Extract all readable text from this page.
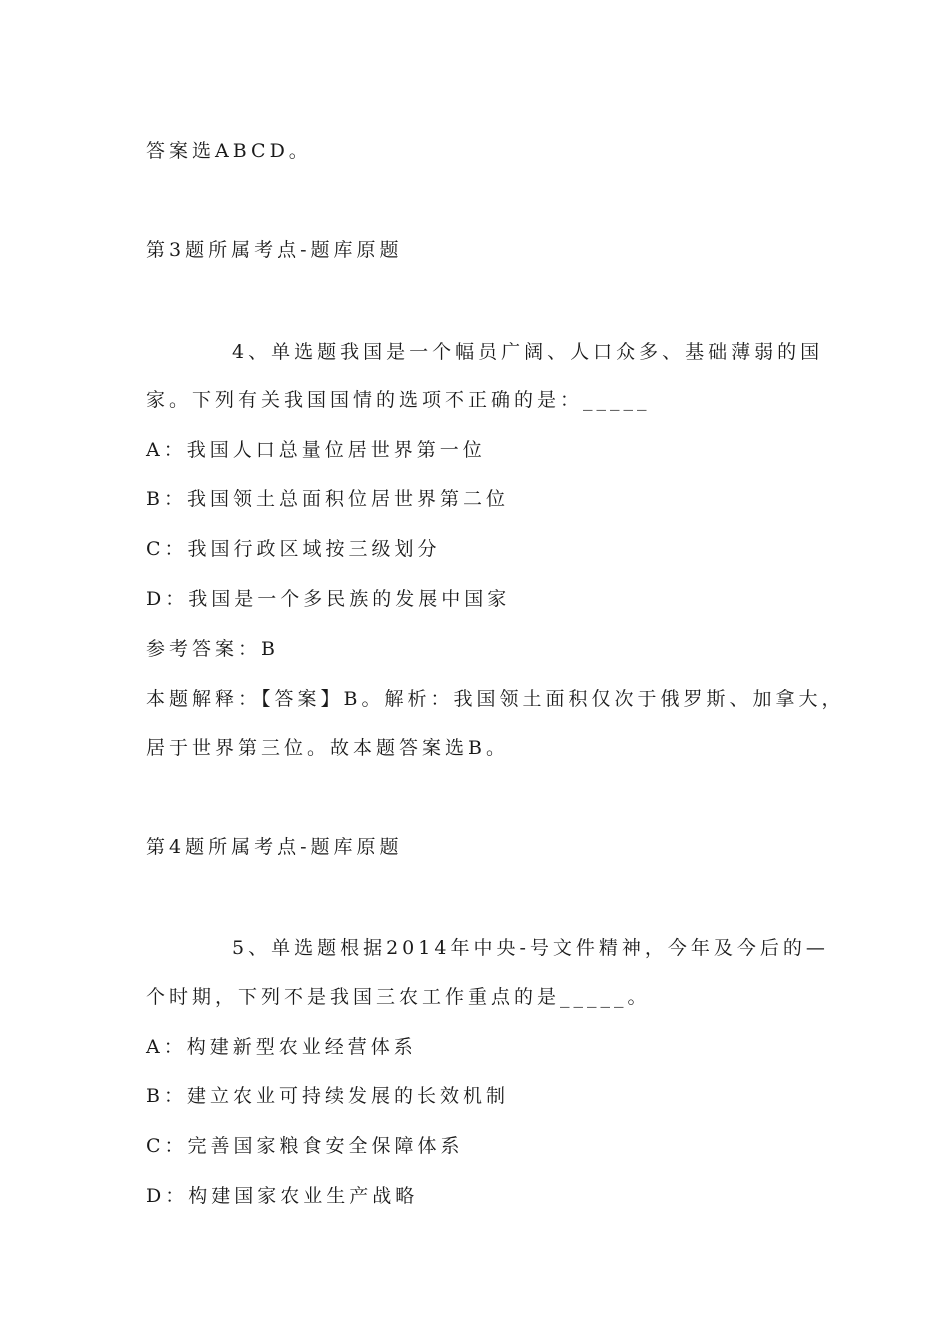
答案选ABCD。
第3题所属考点-题库原题
4、单选题我国是一个幅员广阔、人口众多、基础薄弱的国
家。下列有关我国国情的选项不正确的是：_____
A：我国人口总量位居世界第一位
B：我国领土总面积位居世界第二位
C：我国行政区域按三级划分
D：我国是一个多民族的发展中国家
参考答案：B
本题解释：【答案】B。解析：我国领土面积仅次于俄罗斯、加拿大，
居于世界第三位。故本题答案选B。
第4题所属考点-题库原题
5、单选题根据2014年中央-号文件精神，今年及今后的—
个时期，下列不是我国三农工作重点的是_____。
A：构建新型农业经营体系
B：建立农业可持续发展的长效机制
C：完善国家粮食安全保障体系
D：构建国家农业生产战略
